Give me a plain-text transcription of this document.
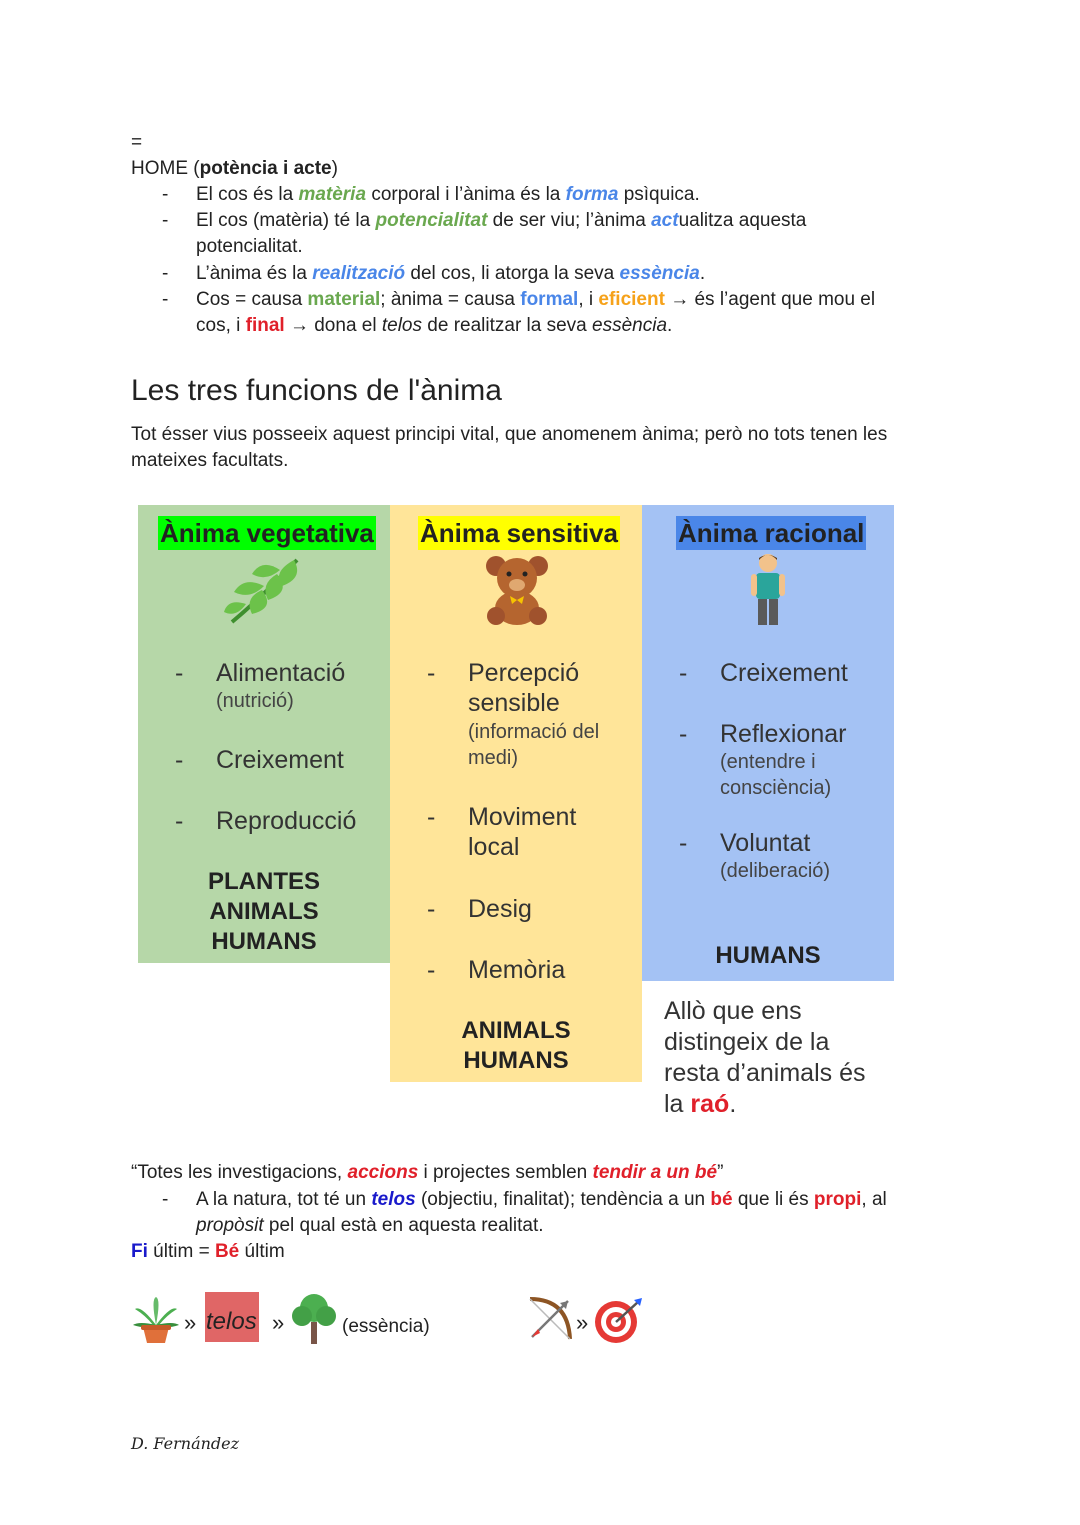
=
HOME (potència i acte)
- El cos és la matèria corporal i l’ànima és la forma psìquica.
- El cos (matèria) té la potencialitat de ser viu; l’ànima actualitza aquesta
potencialitat.
- L’ànima és la realització del cos, li atorga la seva essència.
- Cos = causa material; ànima = causa formal, i eficient → és l’agent que mou el
cos, i final → dona el telos de realitzar la seva essència.
Les tres funcions de l'ànima
Tot ésser vius posseeix aquest principi vital, que anomenem ànima; però no tots tenen les
mateixes facultats.
Ànima vegetativa Ànima sensitiva Ànima racional
- Alimentació
(nutrició)
- Creixement
- Reproducció
PLANTES
ANIMALS
HUMANS
- Percepció
sensible
(informació del
medi)
- Moviment
local
- Desig
- Memòria
ANIMALS
HUMANS
- Creixement
- Reflexionar
(entendre i
consciència)
- Voluntat
(deliberació)
HUMANS
Allò que ens
distingeix de la
resta d’animals és
la raó.
“Totes les investigacions, accions i projectes semblen tendir a un bé”
- A la natura, tot té un telos (objectiu, finalitat); tendència a un bé que li és propi, al
propòsit pel qual està en aquesta realitat.
Fi últim = Bé últim
» telos »	(essència)	»
D. Fernández
